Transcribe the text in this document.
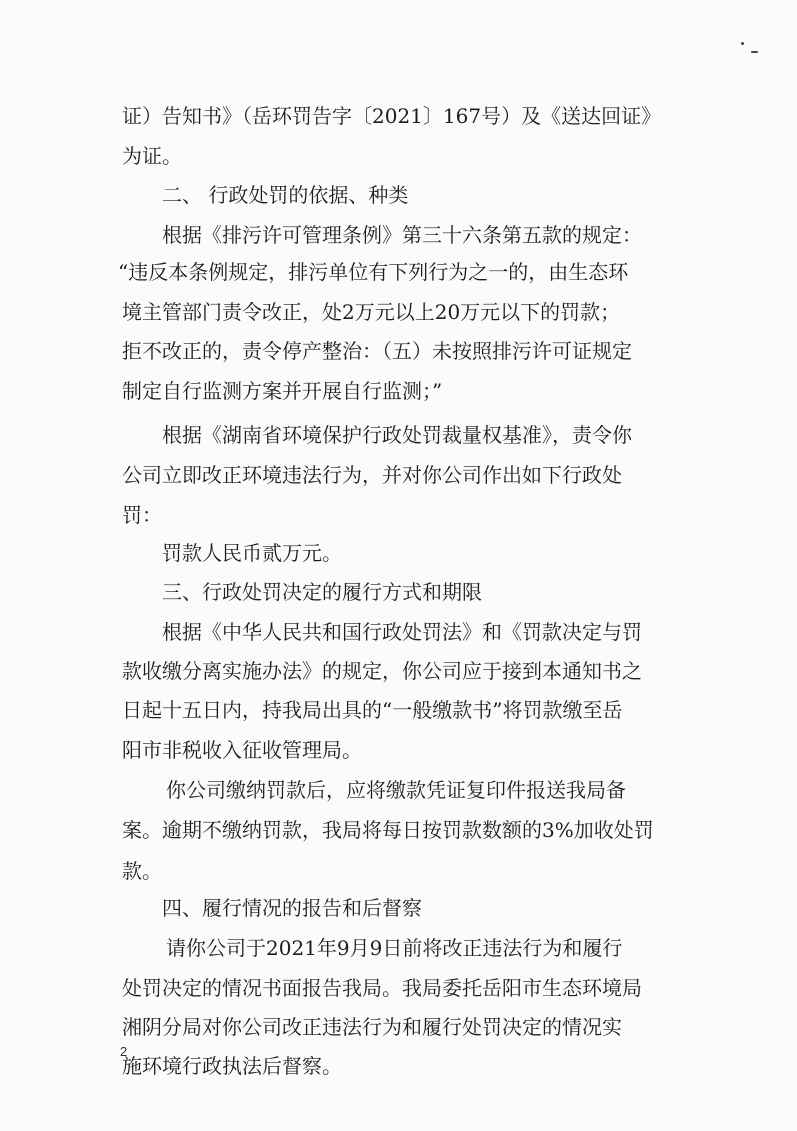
证）告知书》（岳环罚告字〔2021〕167号）及《送达回证》
为证。
二、 行政处罚的依据、种类
根据《排污许可管理条例》第三十六条第五款的规定：
“违反本条例规定，排污单位有下列行为之一的，由生态环
境主管部门责令改正，处2万元以上20万元以下的罚款；
拒不改正的，责令停产整治：（五）未按照排污许可证规定
制定自行监测方案并开展自行监测；”
根据《湖南省环境保护行政处罚裁量权基准》，责令你
公司立即改正环境违法行为，并对你公司作出如下行政处
罚：
罚款人民币贰万元。
三、行政处罚决定的履行方式和期限
根据《中华人民共和国行政处罚法》和《罚款决定与罚
款收缴分离实施办法》的规定，你公司应于接到本通知书之
日起十五日内，持我局出具的“一般缴款书”将罚款缴至岳
阳市非税收入征收管理局。
你公司缴纳罚款后，应将缴款凭证复印件报送我局备
案。逾期不缴纳罚款，我局将每日按罚款数额的3%加收处罚
款。
四、履行情况的报告和后督察
请你公司于2021年9月9日前将改正违法行为和履行
处罚决定的情况书面报告我局。我局委托岳阳市生态环境局
湘阴分局对你公司改正违法行为和履行处罚决定的情况实
施环境行政执法后督察。
2
